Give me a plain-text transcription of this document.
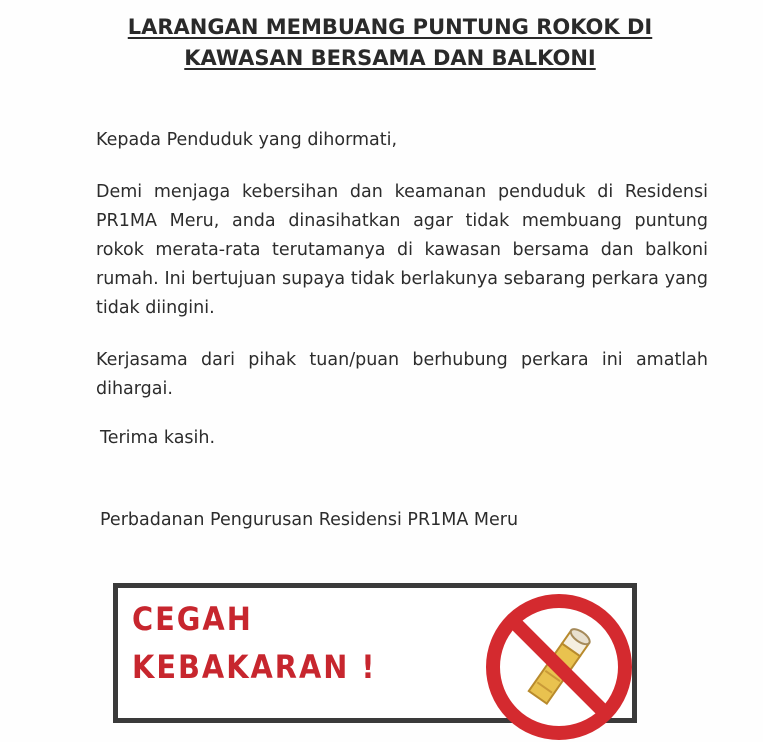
LARANGAN MEMBUANG PUNTUNG ROKOK DI
KAWASAN BERSAMA DAN BALKONI
Kepada Penduduk yang dihormati,
Demi menjaga kebersihan dan keamanan penduduk di Residensi PR1MA Meru, anda dinasihatkan agar tidak membuang puntung rokok merata-rata terutamanya di kawasan bersama dan balkoni rumah. Ini bertujuan supaya tidak berlakunya sebarang perkara yang tidak diingini.
Kerjasama dari pihak tuan/puan berhubung perkara ini amatlah dihargai.
Terima kasih.
Perbadanan Pengurusan Residensi PR1MA Meru
CEGAH
KEBAKARAN !
